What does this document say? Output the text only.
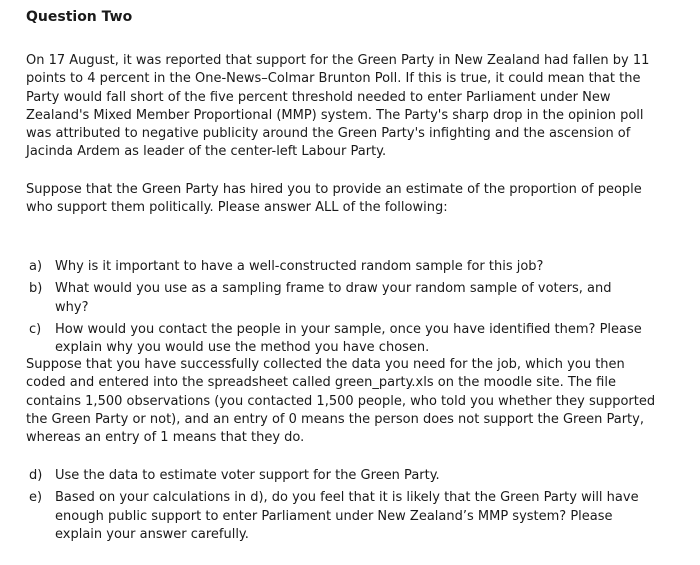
Question Two

On 17 August, it was reported that support for the Green Party in New Zealand had fallen by 11 points to 4 percent in the One-News–Colmar Brunton Poll. If this is true, it could mean that the Party would fall short of the five percent threshold needed to enter Parliament under New Zealand's Mixed Member Proportional (MMP) system. The Party's sharp drop in the opinion poll was attributed to negative publicity around the Green Party's infighting and the ascension of Jacinda Ardem as leader of the center-left Labour Party.

Suppose that the Green Party has hired you to provide an estimate of the proportion of people who support them politically. Please answer ALL of the following:

a) Why is it important to have a well-constructed random sample for this job?
b) What would you use as a sampling frame to draw your random sample of voters, and why?
c)	How would you contact the people in your sample, once you have identified them? Please explain why you would use the method you have chosen.

Suppose that you have successfully collected the data you need for the job, which you then coded and entered into the spreadsheet called green_party.xls on the moodle site. The file contains 1,500 observations (you contacted 1,500 people, who told you whether they supported the Green Party or not), and an entry of 0 means the person does not support the Green Party, whereas an entry of 1 means that they do.

d) Use the data to estimate voter support for the Green Party.
e) Based on your calculations in d), do you feel that it is likely that the Green Party will have enough public support to enter Parliament under New Zealand’s MMP system? Please explain your answer carefully.
